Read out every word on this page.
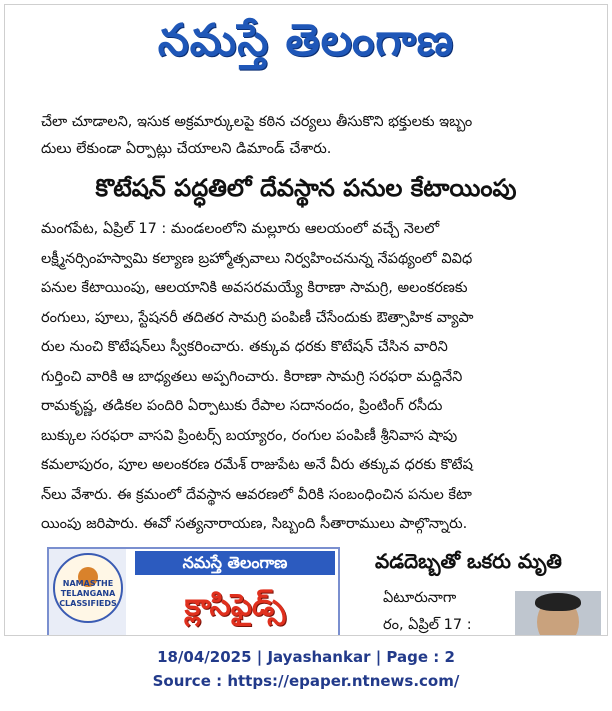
నమస్తే తెలంగాణ
చేలా చూడాలని, ఇసుక అక్రమార్కులపై కఠిన చర్యలు తీసుకొని భక్తులకు ఇబ్బం
దులు లేకుండా ఏర్పాట్లు చేయాలని డిమాండ్ చేశారు.
కొటేషన్ పద్ధతిలో దేవస్థాన పనుల కేటాయింపు
మంగపేట, ఏప్రిల్ 17 : మండలంలోని మల్లూరు ఆలయంలో వచ్చే నెలలో
లక్ష్మీనర్సింహస్వామి కల్యాణ బ్రహ్మోత్సవాలు నిర్వహించనున్న నేపథ్యంలో వివిధ
పనుల కేటాయింపు, ఆలయానికి అవసరమయ్యే కిరాణా సామగ్రి, అలంకరణకు
రంగులు, పూలు, స్టేషనరీ తదితర సామగ్రి పంపిణీ చేసేందుకు ఔత్సాహిక వ్యాపా
రుల నుంచి కొటేషన్‌లు స్వీకరించారు. తక్కువ ధరకు కొటేషన్ చేసిన వారిని
గుర్తించి వారికి ఆ బాధ్యతలు అప్పగించారు. కిరాణా సామగ్రి సరఫరా మద్దినేని
రామకృష్ణ, తడికల పందిరి ఏర్పాటుకు రేపాల సదానందం, ప్రింటింగ్ రసీదు
బుక్కుల సరఫరా వాసవి ప్రింటర్స్ బయ్యారం, రంగుల పంపిణీ శ్రీనివాస షాపు
కమలాపురం, పూల అలంకరణ రమేశ్ రాజుపేట అనే వీరు తక్కువ ధరకు కొటేష
న్‌లు వేశారు. ఈ క్రమంలో దేవస్థాన ఆవరణలో వీరికి సంబంధించిన పనుల కేటా
యింపు జరిపారు. ఈవో సత్యనారాయణ, సిబ్బంది సీతారాములు పాల్గొన్నారు.
NAMASTHE TELANGANA CLASSIFIEDS
నమస్తే తెలంగాణ
క్లాసిఫైడ్స్
వడదెబ్బతో ఒకరు మృతి
ఏటూరునాగా
రం, ఏప్రిల్ 17 :
18/04/2025 | Jayashankar | Page : 2
Source : https://epaper.ntnews.com/
